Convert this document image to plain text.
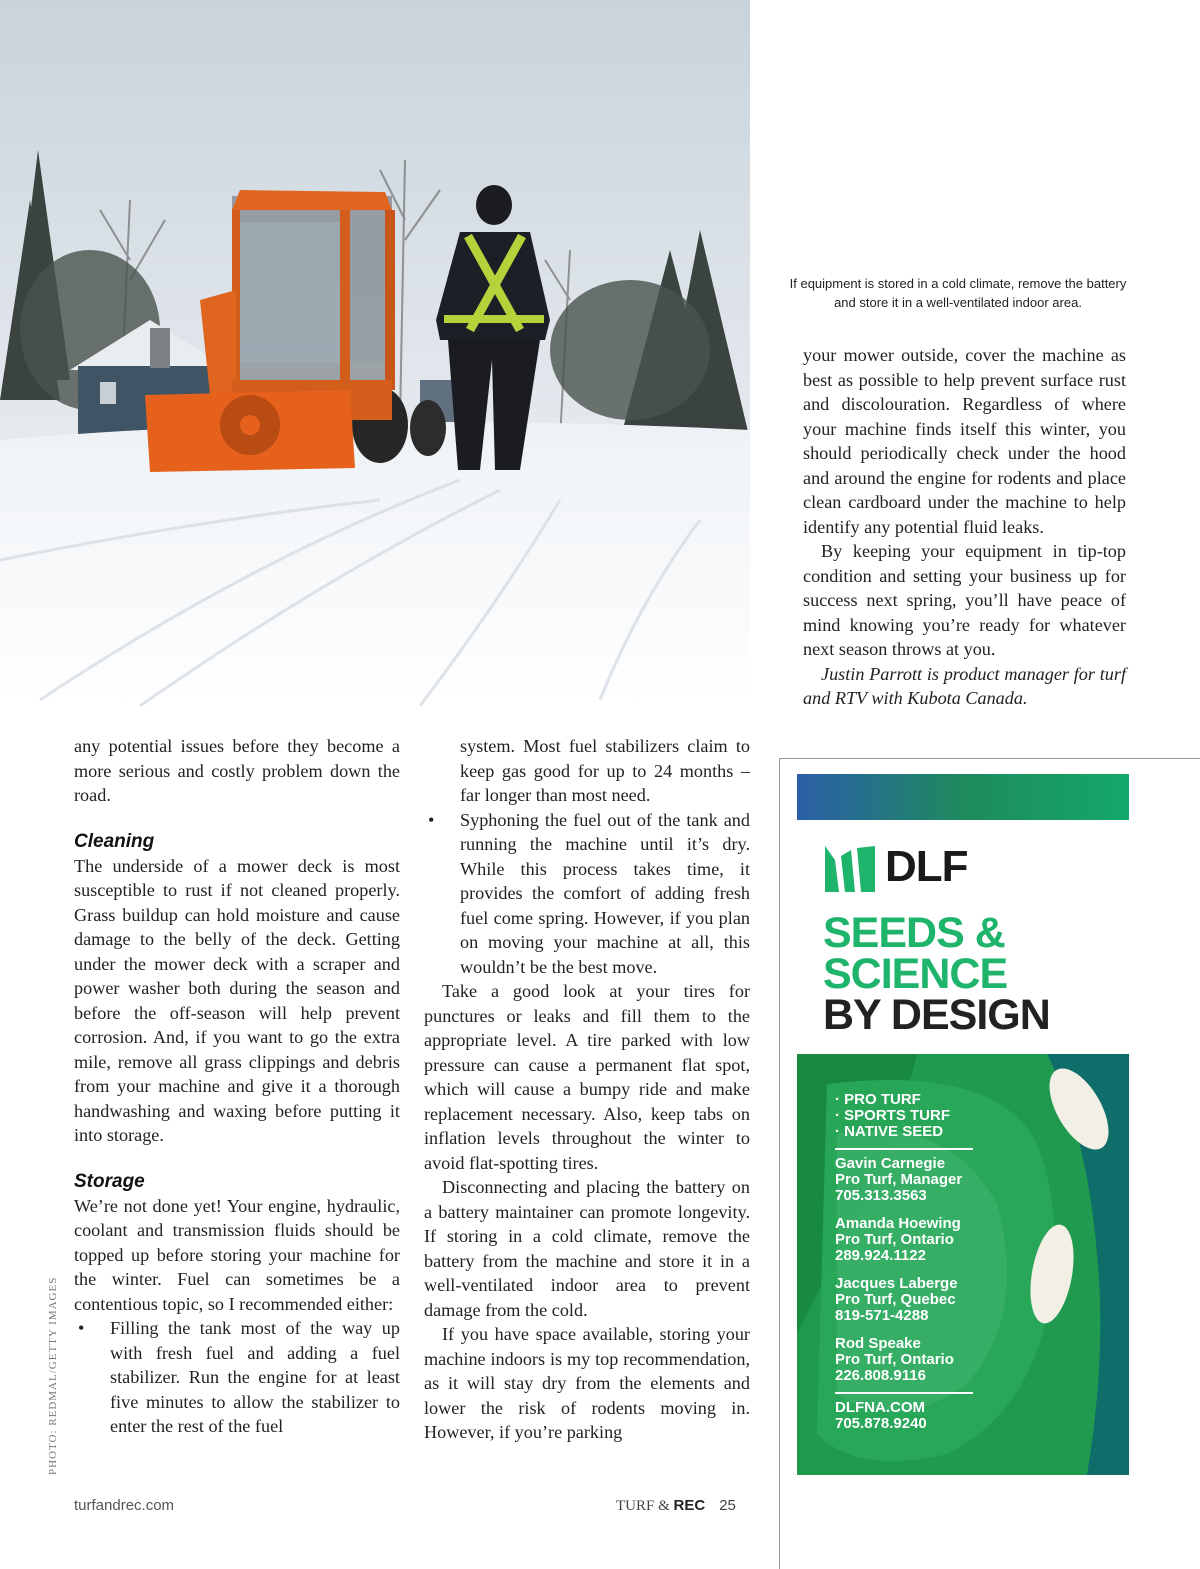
If equipment is stored in a cold climate, remove the battery and store it in a well-ventilated indoor area.
PHOTO: REDMAL/GETTY IMAGES

any potential issues before they become a more serious and costly problem down the road.

Cleaning

The underside of a mower deck is most susceptible to rust if not cleaned properly. Grass buildup can hold moisture and cause damage to the belly of the deck. Getting under the mower deck with a scraper and power washer both during the season and before the off-season will help prevent corrosion. And, if you want to go the extra mile, remove all grass clippings and debris from your machine and give it a thorough handwashing and waxing before putting it into storage.

Storage

We’re not done yet! Your engine, hydraulic, coolant and transmission fluids should be topped up before storing your machine for the winter. Fuel can sometimes be a contentious topic, so I recommended either:

• Filling the tank most of the way up with fresh fuel and adding a fuel stabilizer. Run the engine for at least five minutes to allow the stabilizer to enter the rest of the fuel
system. Most fuel stabilizers claim to keep gas good for up to 24 months – far longer than most need.
• Syphoning the fuel out of the tank and running the machine until it’s dry. While this process takes time, it provides the comfort of adding fresh fuel come spring. However, if you plan on moving your machine at all, this wouldn’t be the best move.

Take a good look at your tires for punctures or leaks and fill them to the appropriate level. A tire parked with low pressure can cause a permanent flat spot, which will cause a bumpy ride and make replacement necessary. Also, keep tabs on inflation levels throughout the winter to avoid flat-spotting tires.

Disconnecting and placing the battery on a battery maintainer can promote longevity. If storing in a cold climate, remove the battery from the machine and store it in a well-ventilated indoor area to prevent damage from the cold.

If you have space available, storing your machine indoors is my top recommendation, as it will stay dry from the elements and lower the risk of rodents moving in. However, if you’re parking

your mower outside, cover the machine as best as possible to help prevent surface rust and discolouration. Regardless of where your machine finds itself this winter, you should periodically check under the hood and around the engine for rodents and place clean cardboard under the machine to help identify any potential fluid leaks.

By keeping your equipment in tip-top condition and setting your business up for success next spring, you’ll have peace of mind knowing you’re ready for whatever next season throws at you.

Justin Parrott is product manager for turf and RTV with Kubota Canada.

turfandrec.com	TURF & REC 25
DLF
SEEDS &
SCIENCE
BY DESIGN
· PRO TURF
· SPORTS TURF
· NATIVE SEED
Gavin Carnegie
Pro Turf, Manager
705.313.3563
Amanda Hoewing
Pro Turf, Ontario
289.924.1122
Jacques Laberge
Pro Turf, Quebec
819-571-4288
Rod Speake
Pro Turf, Ontario
226.808.9116
DLFNA.COM
705.878.9240
